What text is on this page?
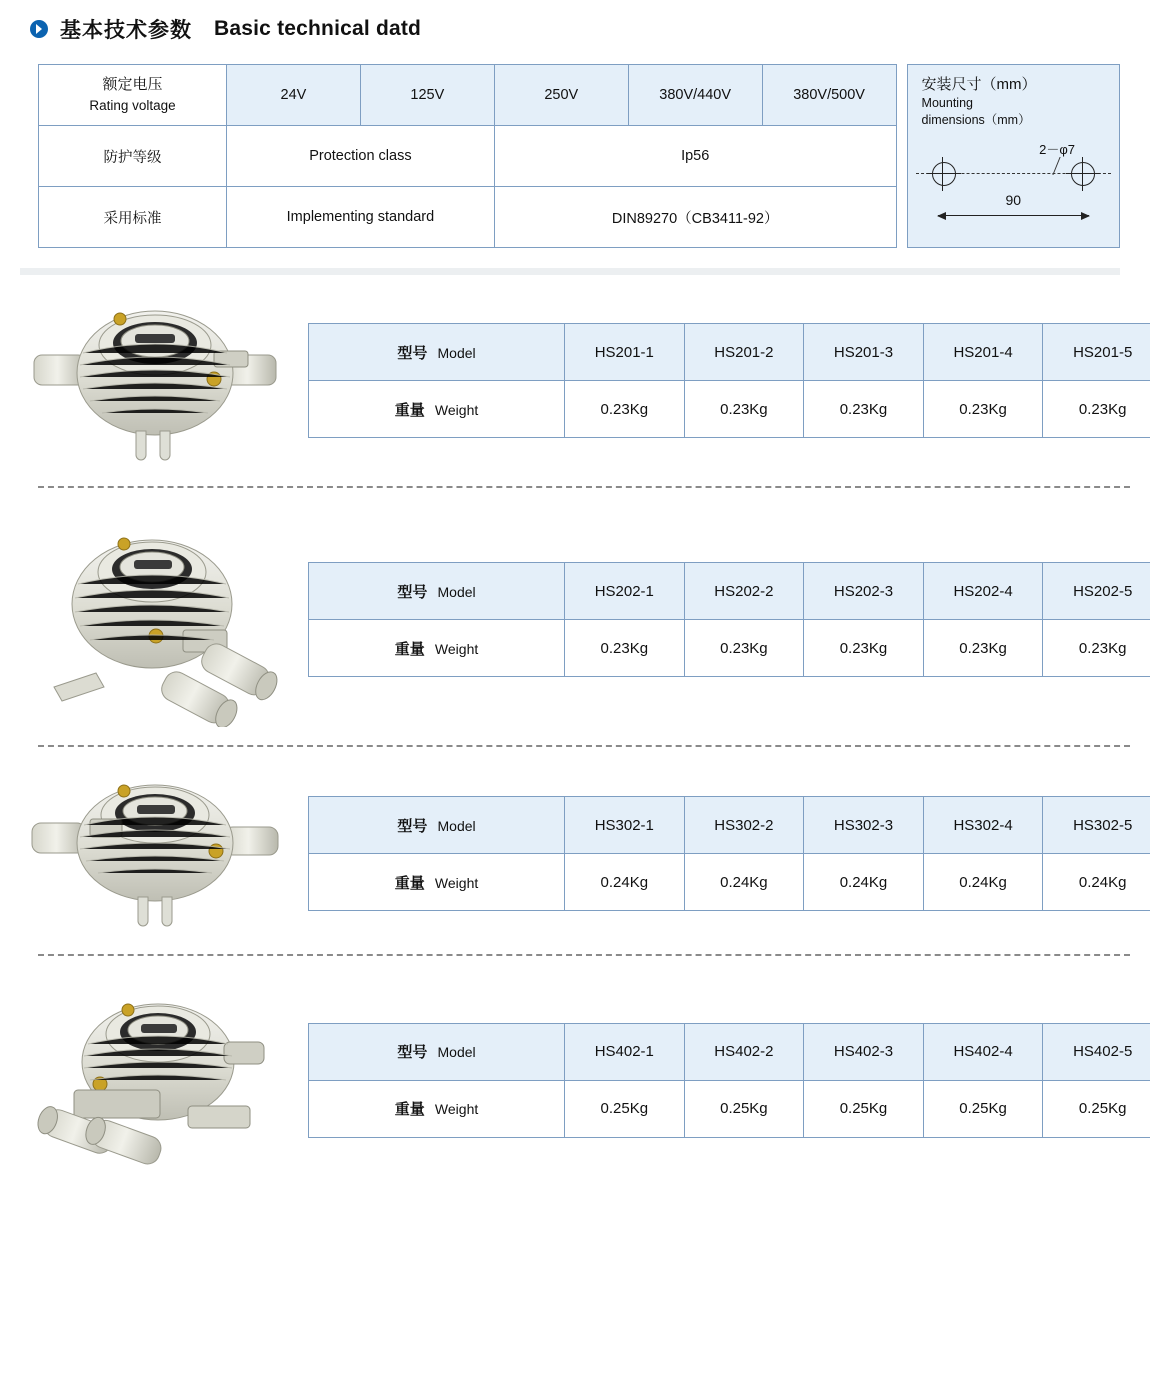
基本技术参数 Basic technical datd
额定电压
Rating voltage	24V	125V	250V	380V/440V	380V/500V
防护等级	Protection class		Ip56		
采用标准	Implementing standard		DIN89270（CB3411‐92）		
安装尺寸（mm）
Mounting
dimensions（mm）
2－φ7
90
型号 Model	HS201-1	HS201-2	HS201-3	HS201-4	HS201-5
重量 Weight	0.23Kg	0.23Kg	0.23Kg	0.23Kg	0.23Kg
型号 Model	HS202-1	HS202-2	HS202-3	HS202-4	HS202-5
重量 Weight	0.23Kg	0.23Kg	0.23Kg	0.23Kg	0.23Kg
型号 Model	HS302-1	HS302-2	HS302-3	HS302-4	HS302-5
重量 Weight	0.24Kg	0.24Kg	0.24Kg	0.24Kg	0.24Kg
型号 Model	HS402-1	HS402-2	HS402-3	HS402-4	HS402-5
重量 Weight	0.25Kg	0.25Kg	0.25Kg	0.25Kg	0.25Kg
